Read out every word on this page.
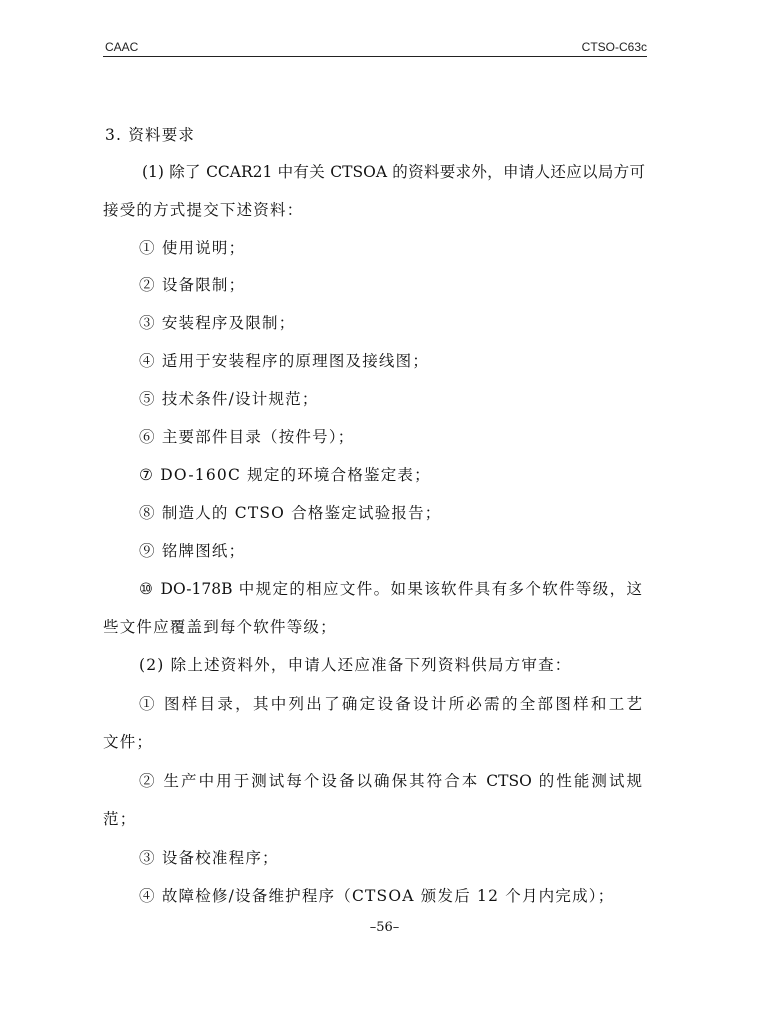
CAAC	CTSO-C63c
3. 资料要求
(1) 除了 CCAR21 中有关 CTSOA 的资料要求外，申请人还应以局方可
接受的方式提交下述资料：
① 使用说明；
② 设备限制；
③ 安装程序及限制；
④ 适用于安装程序的原理图及接线图；
⑤ 技术条件/设计规范；
⑥ 主要部件目录（按件号）；
⑦ DO-160C 规定的环境合格鉴定表；
⑧ 制造人的 CTSO 合格鉴定试验报告；
⑨ 铭牌图纸；
⑩ DO-178B 中规定的相应文件。如果该软件具有多个软件等级，这
些文件应覆盖到每个软件等级；
(2) 除上述资料外，申请人还应准备下列资料供局方审查：
① 图样目录，其中列出了确定设备设计所必需的全部图样和工艺
文件；
② 生产中用于测试每个设备以确保其符合本 CTSO 的性能测试规
范；
③ 设备校准程序；
④ 故障检修/设备维护程序（CTSOA 颁发后 12 个月内完成）；
–56–
